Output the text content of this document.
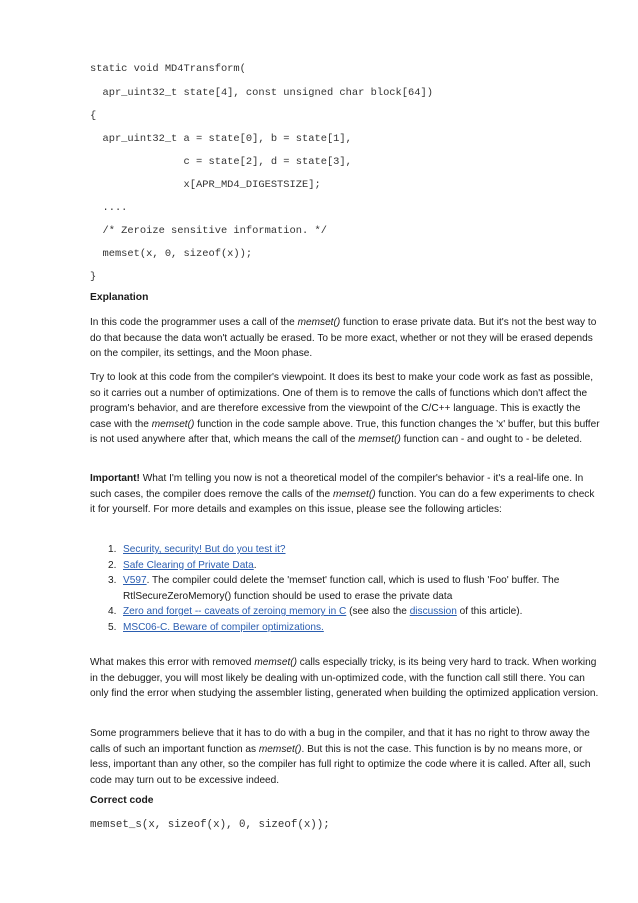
static void MD4Transform(
apr_uint32_t state[4], const unsigned char block[64])
{
apr_uint32_t a = state[0], b = state[1],
c = state[2], d = state[3],
x[APR_MD4_DIGESTSIZE];
....
/* Zeroize sensitive information. */
memset(x, 0, sizeof(x));
}
Explanation

In this code the programmer uses a call of the memset() function to erase private data. But it's not the best way to do that because the data won't actually be erased. To be more exact, whether or not they will be erased depends on the compiler, its settings, and the Moon phase.

Try to look at this code from the compiler's viewpoint. It does its best to make your code work as fast as possible, so it carries out a number of optimizations. One of them is to remove the calls of functions which don't affect the program's behavior, and are therefore excessive from the viewpoint of the C/C++ language. This is exactly the case with the memset() function in the code sample above. True, this function changes the 'x' buffer, but this buffer is not used anywhere after that, which means the call of the memset() function can - and ought to - be deleted.

Important! What I'm telling you now is not a theoretical model of the compiler's behavior - it's a real-life one. In such cases, the compiler does remove the calls of the memset() function. You can do a few experiments to check it for yourself. For more details and examples on this issue, please see the following articles:

1. Security, security! But do you test it?
2. Safe Clearing of Private Data.
3. V597. The compiler could delete the 'memset' function call, which is used to flush 'Foo' buffer. The RtlSecureZeroMemory() function should be used to erase the private data
4. Zero and forget -- caveats of zeroing memory in C (see also the discussion of this article).
5. MSC06-C. Beware of compiler optimizations.

What makes this error with removed memset() calls especially tricky, is its being very hard to track. When working in the debugger, you will most likely be dealing with un-optimized code, with the function call still there. You can only find the error when studying the assembler listing, generated when building the optimized application version.

Some programmers believe that it has to do with a bug in the compiler, and that it has no right to throw away the calls of such an important function as memset(). But this is not the case. This function is by no means more, or less, important than any other, so the compiler has full right to optimize the code where it is called. After all, such code may turn out to be excessive indeed.

Correct code
memset_s(x, sizeof(x), 0, sizeof(x));
